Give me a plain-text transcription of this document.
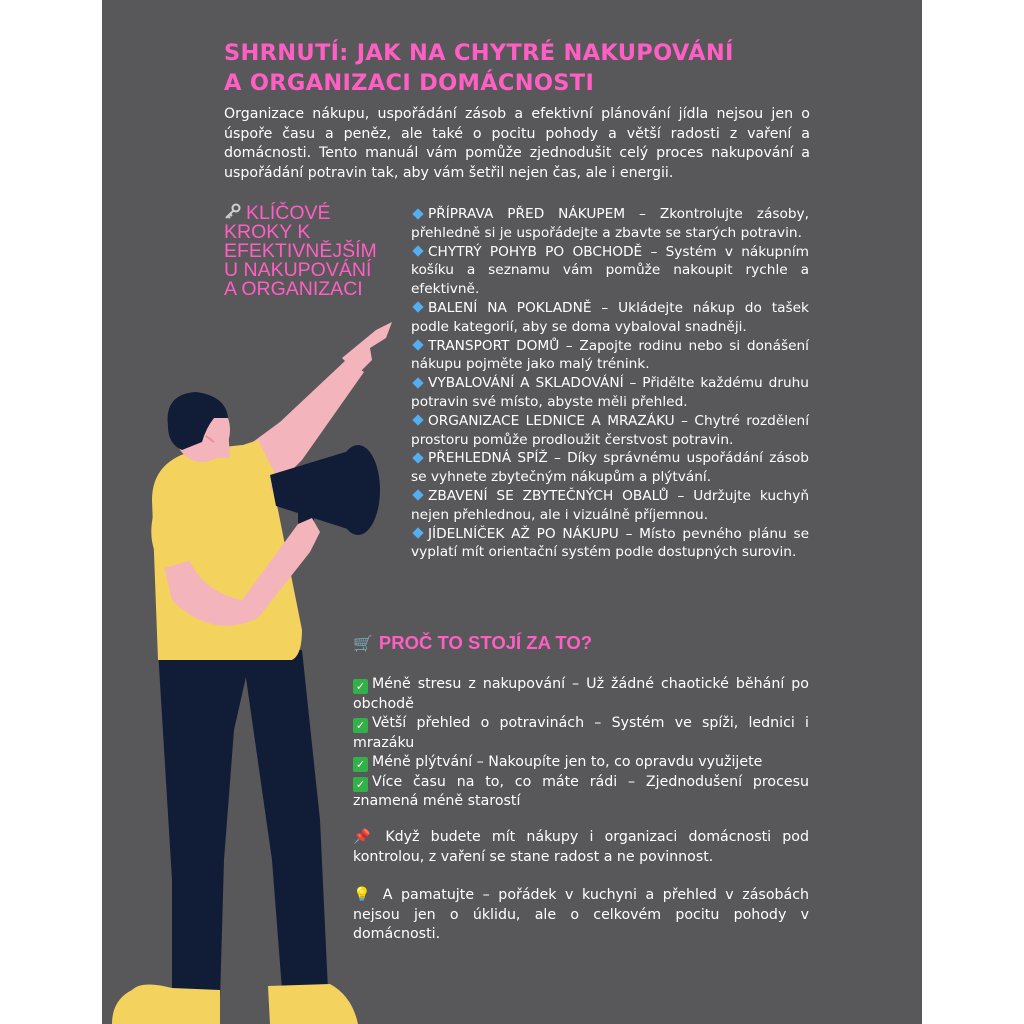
SHRNUTÍ: JAK NA CHYTRÉ NAKUPOVÁNÍ
A ORGANIZACI DOMÁCNOSTI

Organizace nákupu, uspořádání zásob a efektivní plánování jídla nejsou jen o úspoře času a peněz, ale také o pocitu pohody a větší radosti z vaření a domácnosti. Tento manuál vám pomůže zjednodušit celý proces nakupování a uspořádání potravin tak, aby vám šetřil nejen čas, ale i energii.

KLÍČOVÉ
KROKY K
EFEKTIVNĚJŠÍM
U NAKUPOVÁNÍ
A ORGANIZACI

PŘÍPRAVA PŘED NÁKUPEM – Zkontrolujte zásoby, přehledně si je uspořádejte a zbavte se starých potravin.

CHYTRÝ POHYB PO OBCHODĚ – Systém v nákupním košíku a seznamu vám pomůže nakoupit rychle a efektivně.

BALENÍ NA POKLADNĚ – Ukládejte nákup do tašek podle kategorií, aby se doma vybaloval snadněji.

TRANSPORT DOMŮ – Zapojte rodinu nebo si donášení nákupu pojměte jako malý trénink.

VYBALOVÁNÍ A SKLADOVÁNÍ – Přidělte každému druhu potravin své místo, abyste měli přehled.

ORGANIZACE LEDNICE A MRAZÁKU – Chytré rozdělení prostoru pomůže prodloužit čerstvost potravin.

PŘEHLEDNÁ SPÍŽ – Díky správnému uspořádání zásob se vyhnete zbytečným nákupům a plýtvání.

ZBAVENÍ SE ZBYTEČNÝCH OBALŮ – Udržujte kuchyň nejen přehlednou, ale i vizuálně příjemnou.

JÍDELNÍČEK AŽ PO NÁKUPU – Místo pevného plánu se vyplatí mít orientační systém podle dostupných surovin.

🛒 PROČ TO STOJÍ ZA TO?

✓ Méně stresu z nakupování – Už žádné chaotické běhání po obchodě

✓ Větší přehled o potravinách – Systém ve spíži, lednici i mrazáku

✓ Méně plýtvání – Nakoupíte jen to, co opravdu využijete

✓ Více času na to, co máte rádi – Zjednodušení procesu znamená méně starostí

📌 Když budete mít nákupy i organizaci domácnosti pod kontrolou, z vaření se stane radost a ne povinnost.

💡 A pamatujte – pořádek v kuchyni a přehled v zásobách nejsou jen o úklidu, ale o celkovém pocitu pohody v domácnosti.
